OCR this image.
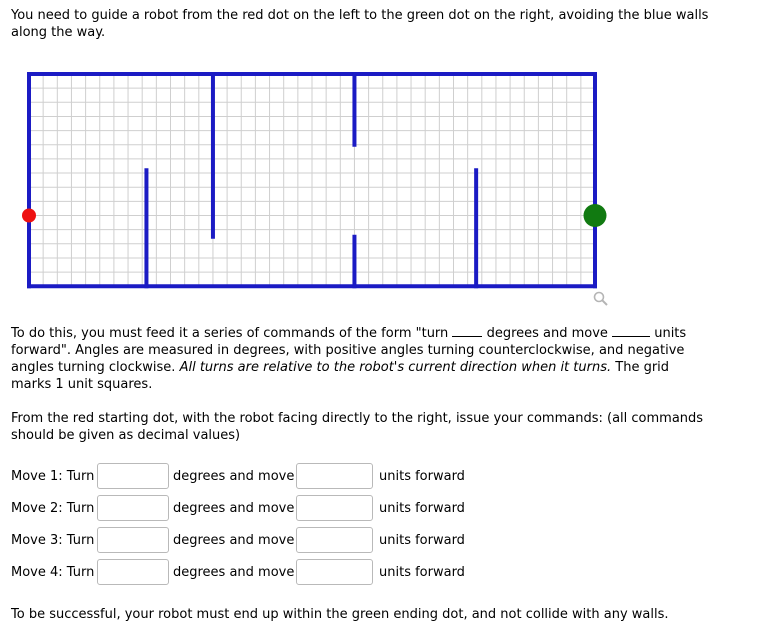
You need to guide a robot from the red dot on the left to the green dot on the right, avoiding the blue walls along the way.

To do this, you must feed it a series of commands of the form "turn  degrees and move	units forward". Angles are measured in degrees, with positive angles turning counterclockwise, and negative angles turning clockwise. All turns are relative to the robot's current direction when it turns. The grid marks 1 unit squares.

From the red starting dot, with the robot facing directly to the right, issue your commands: (all commands should be given as decimal values)

Move 1: Turn	degrees and move	units forward
Move 2: Turn	degrees and move	units forward
Move 3: Turn	degrees and move	units forward
Move 4: Turn	degrees and move	units forward

To be successful, your robot must end up within the green ending dot, and not collide with any walls.
